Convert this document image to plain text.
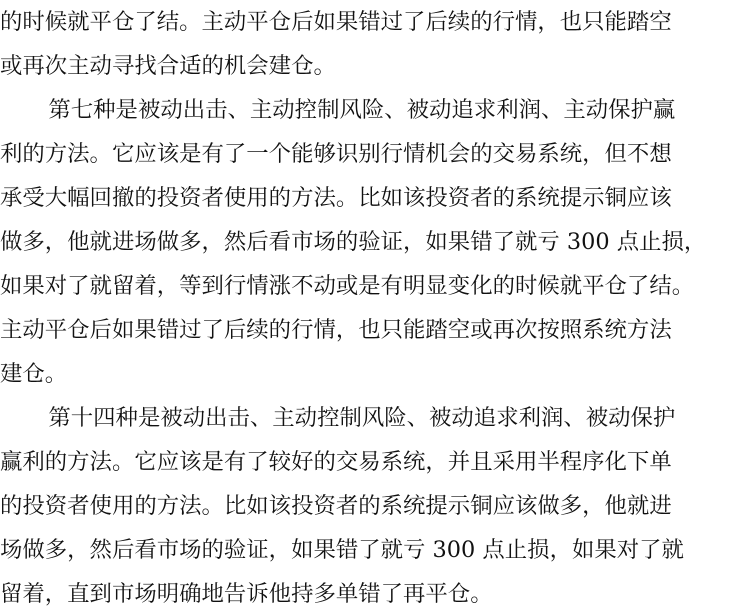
的时候就平仓了结。主动平仓后如果错过了后续的行情，也只能踏空
或再次主动寻找合适的机会建仓。
　第七种是被动出击、主动控制风险、被动追求利润、主动保护赢
利的方法。它应该是有了一个能够识别行情机会的交易系统，但不想
承受大幅回撤的投资者使用的方法。比如该投资者的系统提示铜应该
做多，他就进场做多，然后看市场的验证，如果错了就亏 300 点止损，
如果对了就留着，等到行情涨不动或是有明显变化的时候就平仓了结。
主动平仓后如果错过了后续的行情，也只能踏空或再次按照系统方法
建仓。
　第十四种是被动出击、主动控制风险、被动追求利润、被动保护
赢利的方法。它应该是有了较好的交易系统，并且采用半程序化下单
的投资者使用的方法。比如该投资者的系统提示铜应该做多，他就进
场做多，然后看市场的验证，如果错了就亏 300 点止损，如果对了就
留着，直到市场明确地告诉他持多单错了再平仓。
